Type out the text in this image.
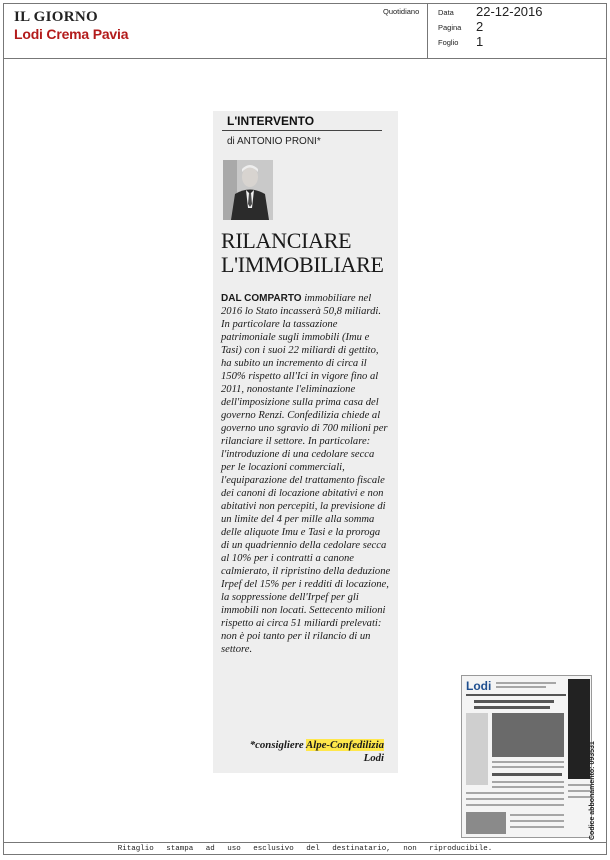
IL GIORNO
Lodi Crema Pavia
Quotidiano Data 22-12-2016
Pagina 2
Foglio 1
L'INTERVENTO
di ANTONIO PRONI*
RILANCIARE
L'IMMOBILIARE

DAL COMPARTO immobiliare nel 2016 lo Stato incasserà 50,8 miliardi. In particolare la tassazione patrimoniale sugli immobili (Imu e Tasi) con i suoi 22 miliardi di gettito, ha subito un incremento di circa il 150% rispetto all'Ici in vigore fino al 2011, nonostante l'eliminazione dell'imposizione sulla prima casa del governo Renzi. Confedilizia chiede al governo uno sgravio di 700 milioni per rilanciare il settore. In particolare: l'introduzione di una cedolare secca per le locazioni commerciali, l'equiparazione del trattamento fiscale dei canoni di locazione abitativi e non abitativi non percepiti, la previsione di un limite del 4 per mille alla somma delle aliquote Imu e Tasi e la proroga di un quadriennio della cedolare secca al 10% per i contratti a canone calmierato, il ripristino della deduzione Irpef del 15% per i redditi di locazione, la soppressione dell'Irpef per gli immobili non locati. Settecento milioni rispetto ai circa 51 miliardi prelevati: non è poi tanto per il rilancio di un settore.

*consigliere Alpe-Confedilizia
Lodi
Lodi
Codice abbonamento: 093531
Ritaglio stampa ad uso esclusivo del destinatario, non riproducibile.
